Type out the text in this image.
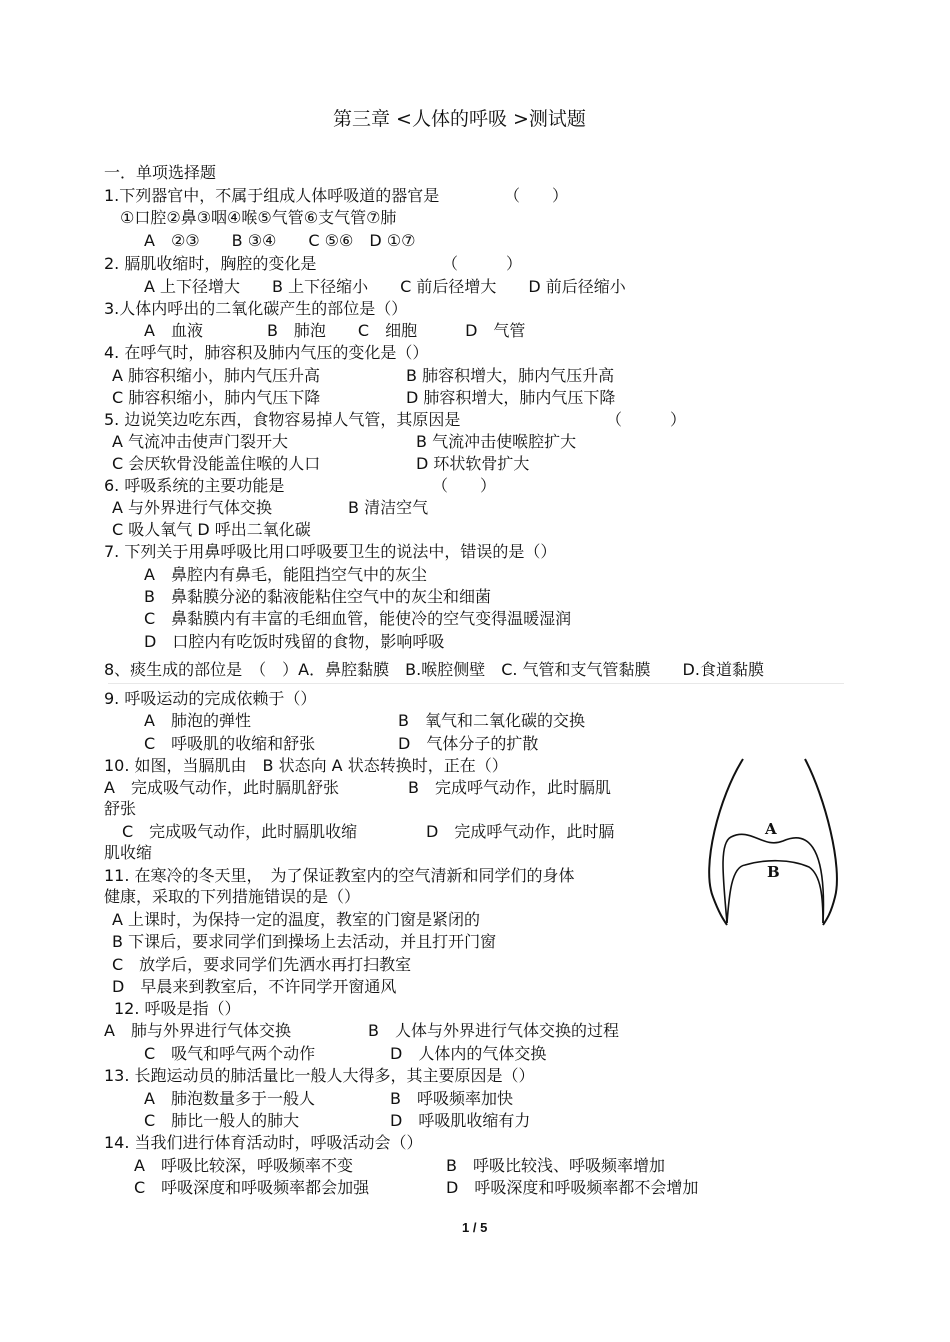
第三章 <人体的呼吸 >测试题
一．单项选择题
1.下列器官中，不属于组成人体呼吸道的器官是	（　　）
①口腔②鼻③咽④喉⑤气管⑥支气管⑦肺
A　②③　　B ③④　　C ⑤⑥　D ①⑦
2. 膈肌收缩时，胸腔的变化是	（　　　）
A 上下径增大　　B 上下径缩小　　C 前后径增大　　D 前后径缩小
3.人体内呼出的二氧化碳产生的部位是（）
A　血液　　　　B　肺泡　　C　细胞　　　D　气管
4. 在呼气时，肺容积及肺内气压的变化是（）
A 肺容积缩小，肺内气压升高	B 肺容积增大，肺内气压升高
C 肺容积缩小，肺内气压下降	D 肺容积增大，肺内气压下降
5. 边说笑边吃东西，食物容易掉人气管，其原因是	（　　　）
A 气流冲击使声门裂开大	B 气流冲击使喉腔扩大
C 会厌软骨没能盖住喉的人口	D 环状软骨扩大
6. 呼吸系统的主要功能是	（　　）
A 与外界进行气体交换	B 清洁空气
C 吸人氧气 D 呼出二氧化碳
7. 下列关于用鼻呼吸比用口呼吸要卫生的说法中，错误的是（）
A　鼻腔内有鼻毛，能阻挡空气中的灰尘
B　鼻黏膜分泌的黏液能粘住空气中的灰尘和细菌
C　鼻黏膜内有丰富的毛细血管，能使冷的空气变得温暖湿润
D　口腔内有吃饭时残留的食物，影响呼吸
8、痰生成的部位是　（　）A．鼻腔黏膜　B.喉腔侧壁　C. 气管和支气管黏膜　　D.食道黏膜
9. 呼吸运动的完成依赖于（）
A　肺泡的弹性	B　氧气和二氧化碳的交换
C　呼吸肌的收缩和舒张	D　气体分子的扩散
10. 如图，当膈肌由　B 状态向 A 状态转换时，正在（）
A　完成吸气动作，此时膈肌舒张	B　完成呼气动作，此时膈肌
舒张
C　完成吸气动作，此时膈肌收缩	D　完成呼气动作，此时膈
肌收缩
A
B
11. 在寒冷的冬天里，　为了保证教室内的空气清新和同学们的身体
健康，采取的下列措施错误的是（）
A 上课时，为保持一定的温度，教室的门窗是紧闭的
B 下课后，要求同学们到操场上去活动，并且打开门窗
C　放学后，要求同学们先洒水再打扫教室
D　早晨来到教室后，不许同学开窗通风
12. 呼吸是指（）
A　肺与外界进行气体交换	B　人体与外界进行气体交换的过程
C　吸气和呼气两个动作	D　人体内的气体交换
13. 长跑运动员的肺活量比一般人大得多，其主要原因是（）
A　肺泡数量多于一般人	B　呼吸频率加快
C　肺比一般人的肺大	D　呼吸肌收缩有力
14. 当我们进行体育活动时，呼吸活动会（）
A　呼吸比较深，呼吸频率不变	B　呼吸比较浅、呼吸频率增加
C　呼吸深度和呼吸频率都会加强	D　呼吸深度和呼吸频率都不会增加
1 / 5
